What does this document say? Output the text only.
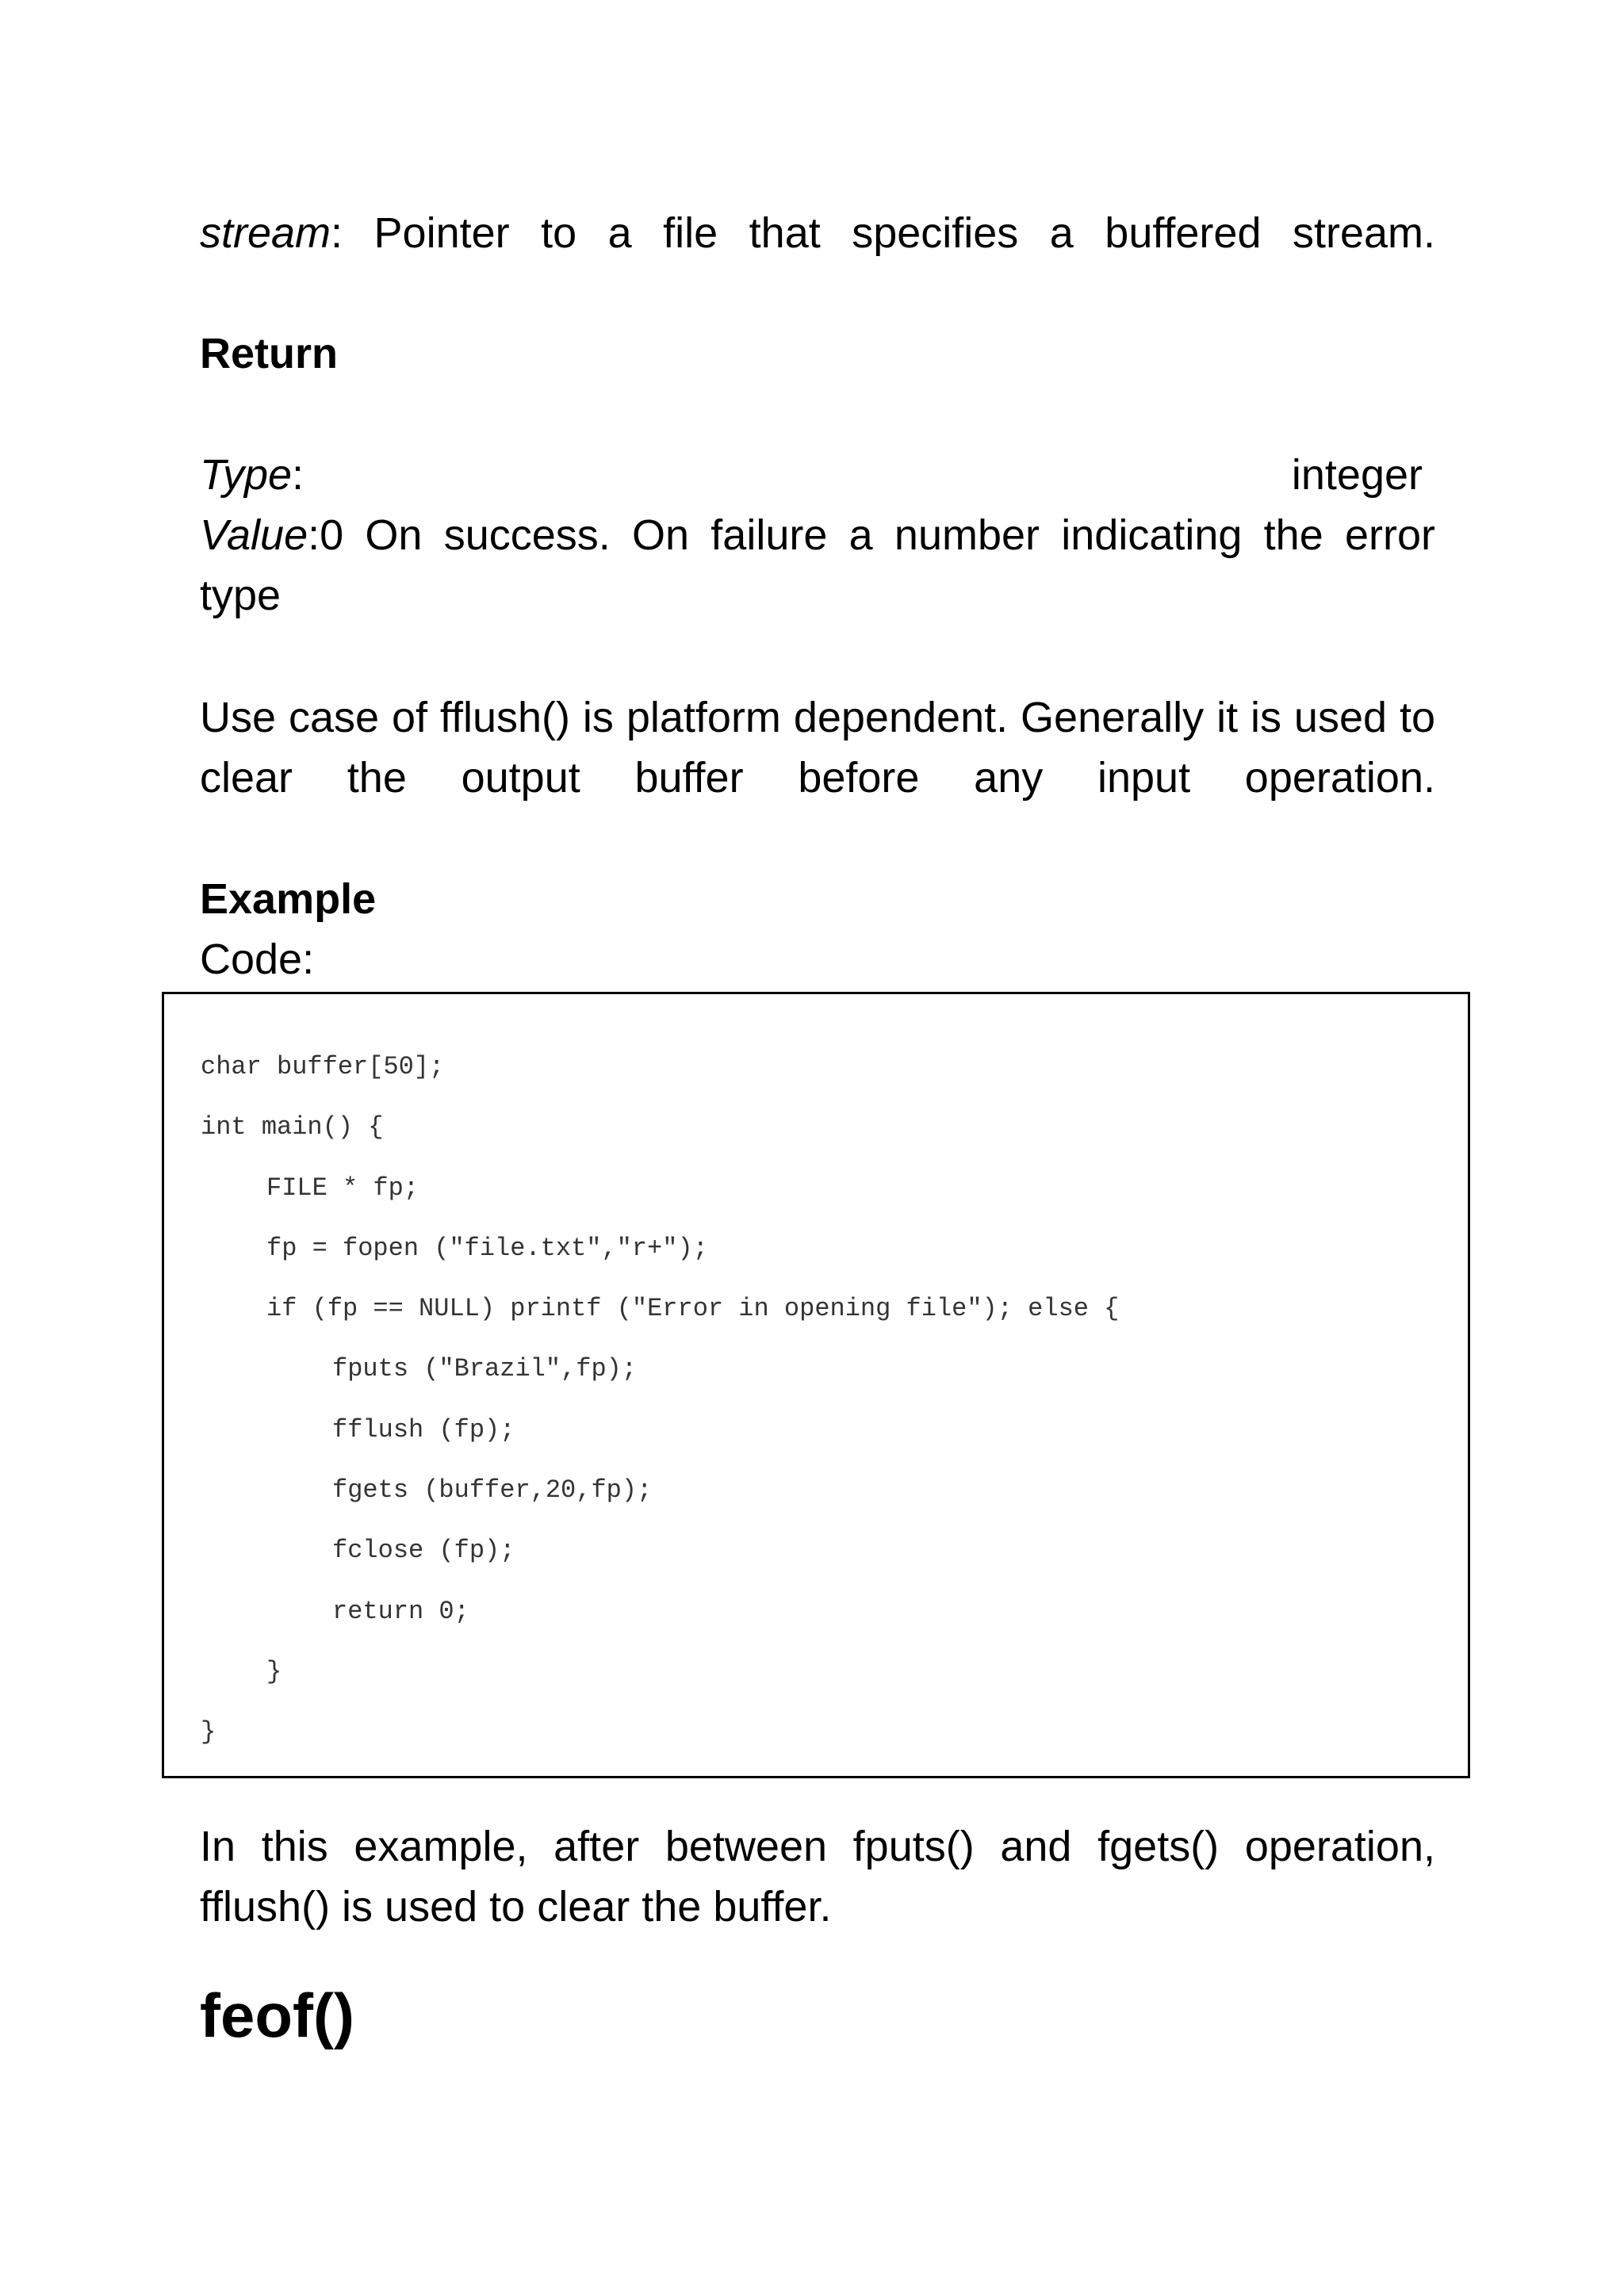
stream: Pointer to a file that specifies a buffered stream.

Return
Type:	integer

Value:0 On success. On failure a number indicating the error type

Use case of fflush() is platform dependent. Generally it is used to clear the output buffer before any input operation.

Example

Code:

char buffer[50];
int main() {
FILE * fp;
fp = fopen ("file.txt","r+");
if (fp == NULL) printf ("Error in opening file"); else {
fputs ("Brazil",fp);
fflush (fp);
fgets (buffer,20,fp);
fclose (fp);
return 0;
}
}

In this example, after between fputs() and fgets() operation, fflush() is used to clear the buffer.

feof()
